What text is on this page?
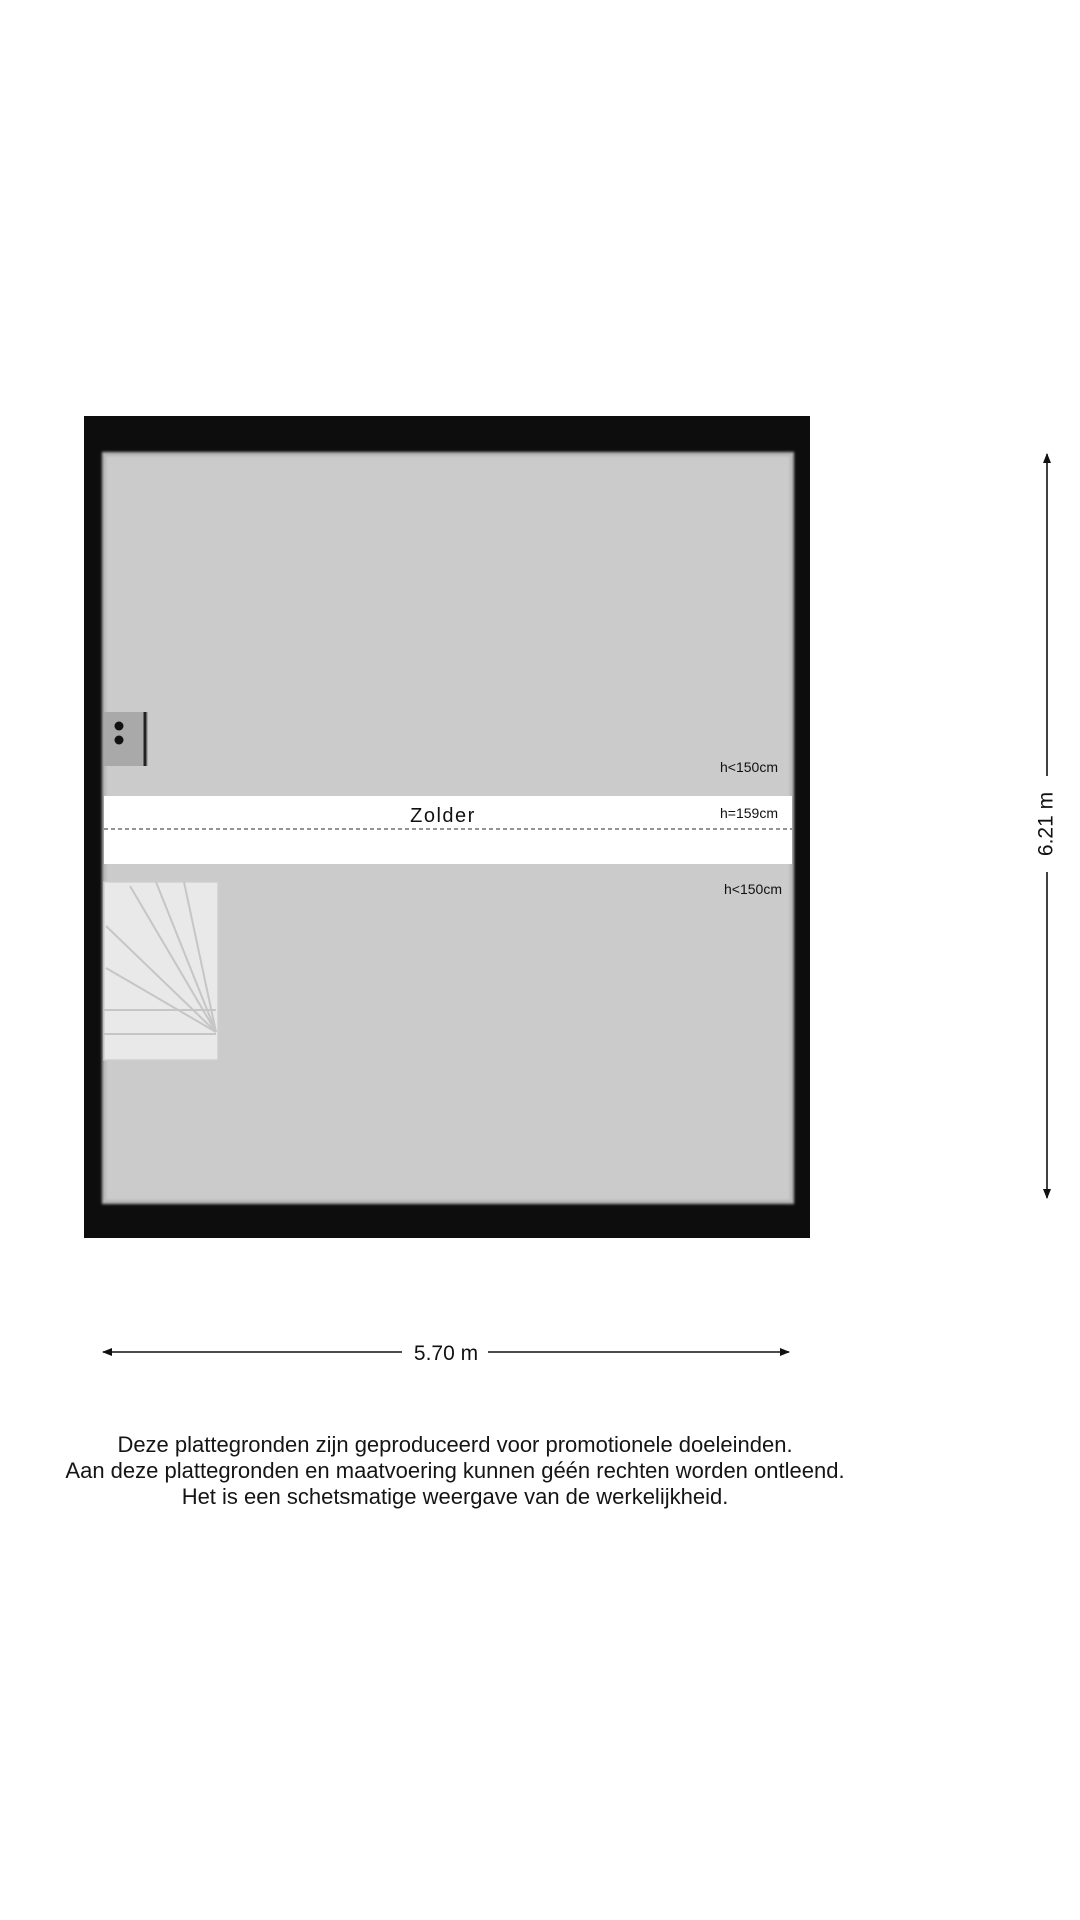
Zolder
h<150cm
h=159cm
h<150cm
5.70 m
6.21 m
Deze plattegronden zijn geproduceerd voor promotionele doeleinden.
Aan deze plattegronden en maatvoering kunnen géén rechten worden ontleend.
Het is een schetsmatige weergave van de werkelijkheid.
